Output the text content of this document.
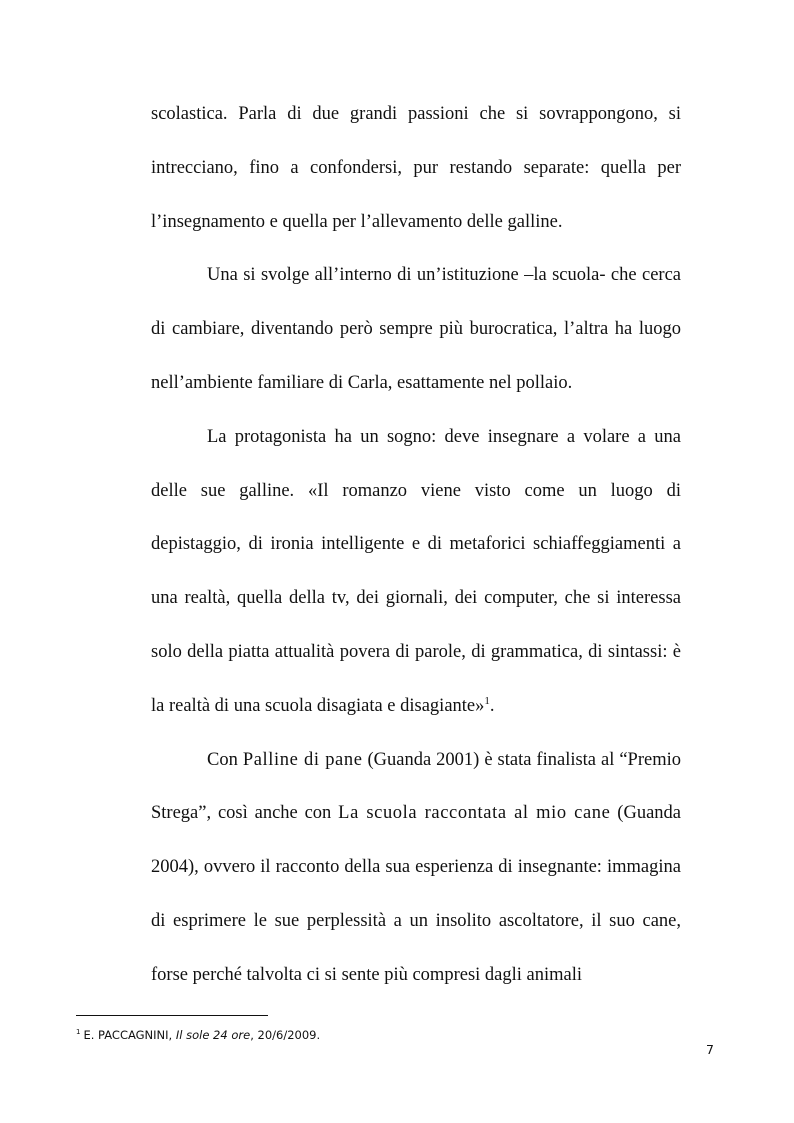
scolastica. Parla di due grandi passioni che si sovrappongono, si intrecciano, fino a confondersi, pur restando separate: quella per l’insegnamento e quella per l’allevamento delle galline.

Una si svolge all’interno di un’istituzione –la scuola- che cerca di cambiare, diventando però sempre più burocratica, l’altra ha luogo nell’ambiente familiare di Carla, esattamente nel pollaio.

La protagonista ha un sogno: deve insegnare a volare a una delle sue galline. «Il romanzo viene visto come un luogo di depistaggio, di ironia intelligente e di metaforici schiaffeggiamenti a una realtà, quella della tv, dei giornali, dei computer, che si interessa solo della piatta attualità povera di parole, di grammatica, di sintassi: è la realtà di una scuola disagiata e disagiante»$^1$.

Con Palline di pane (Guanda 2001) è stata finalista al “Premio Strega”, così anche con La scuola raccontata al mio cane (Guanda 2004), ovvero il racconto della sua esperienza di insegnante: immagina di esprimere le sue perplessità a un insolito ascoltatore, il suo cane, forse perché talvolta ci si sente più compresi dagli animali

$^1$ E. PACCAGNINI, Il sole 24 ore, 20/6/2009.
7
